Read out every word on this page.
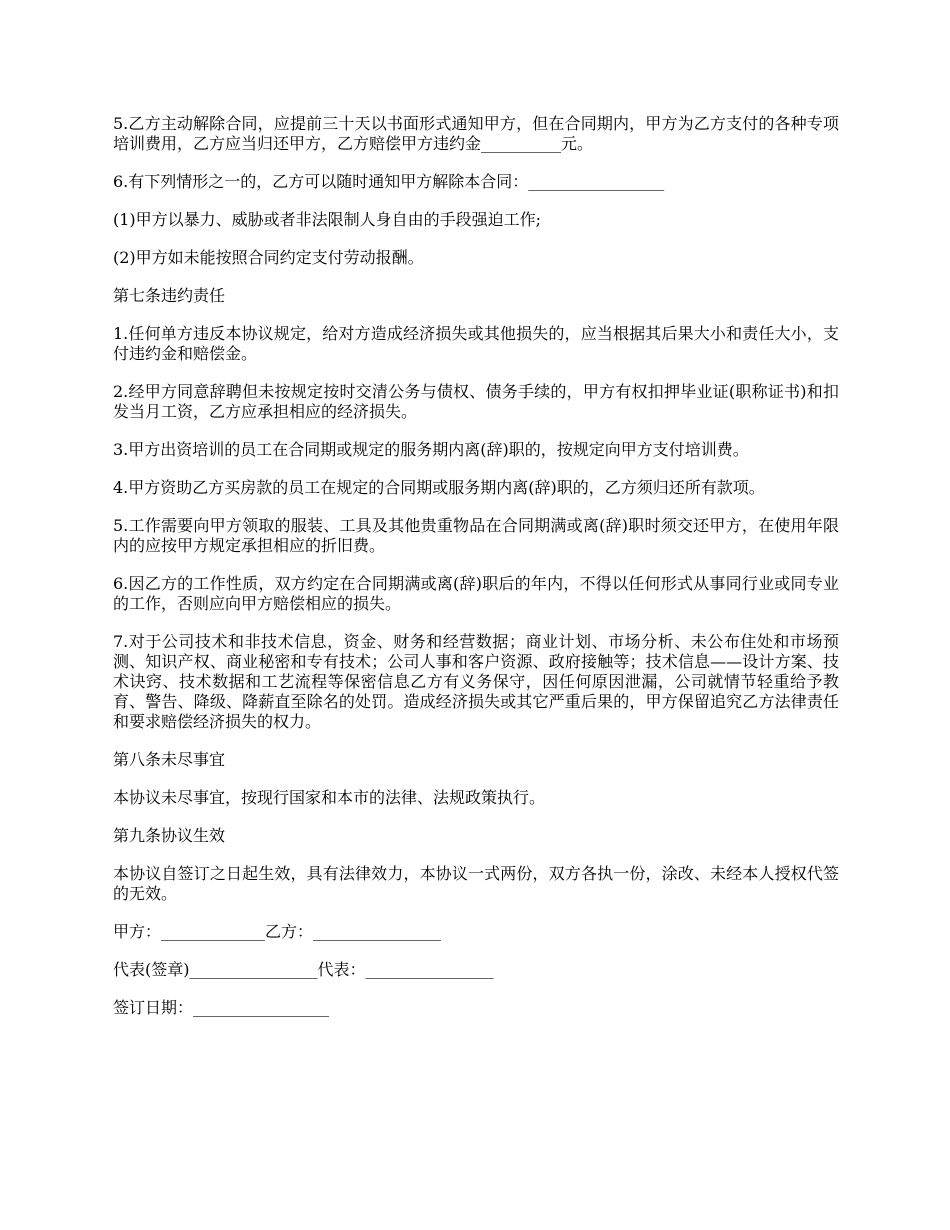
5.乙方主动解除合同，应提前三十天以书面形式通知甲方，但在合同期内，甲方为乙方支付的各种专项培训费用，乙方应当归还甲方，乙方赔偿甲方违约金__________元。

6.有下列情形之一的，乙方可以随时通知甲方解除本合同：_________________

(1)甲方以暴力、威胁或者非法限制人身自由的手段强迫工作;

(2)甲方如未能按照合同约定支付劳动报酬。

第七条违约责任

1.任何单方违反本协议规定，给对方造成经济损失或其他损失的，应当根据其后果大小和责任大小，支付违约金和赔偿金。

2.经甲方同意辞聘但未按规定按时交清公务与债权、债务手续的，甲方有权扣押毕业证(职称证书)和扣发当月工资，乙方应承担相应的经济损失。

3.甲方出资培训的员工在合同期或规定的服务期内离(辞)职的，按规定向甲方支付培训费。

4.甲方资助乙方买房款的员工在规定的合同期或服务期内离(辞)职的，乙方须归还所有款项。

5.工作需要向甲方领取的服装、工具及其他贵重物品在合同期满或离(辞)职时须交还甲方，在使用年限内的应按甲方规定承担相应的折旧费。

6.因乙方的工作性质，双方约定在合同期满或离(辞)职后的年内，不得以任何形式从事同行业或同专业的工作，否则应向甲方赔偿相应的损失。

7.对于公司技术和非技术信息，资金、财务和经营数据；商业计划、市场分析、未公布住处和市场预测、知识产权、商业秘密和专有技术；公司人事和客户资源、政府接触等；技术信息——设计方案、技术诀窍、技术数据和工艺流程等保密信息乙方有义务保守，因任何原因泄漏，公司就情节轻重给予教育、警告、降级、降薪直至除名的处罚。造成经济损失或其它严重后果的，甲方保留追究乙方法律责任和要求赔偿经济损失的权力。

第八条未尽事宜

本协议未尽事宜，按现行国家和本市的法律、法规政策执行。

第九条协议生效

本协议自签订之日起生效，具有法律效力，本协议一式两份，双方各执一份，涂改、未经本人授权代签的无效。

甲方：_____________乙方：________________

代表(签章)________________代表：________________

签订日期：_________________
